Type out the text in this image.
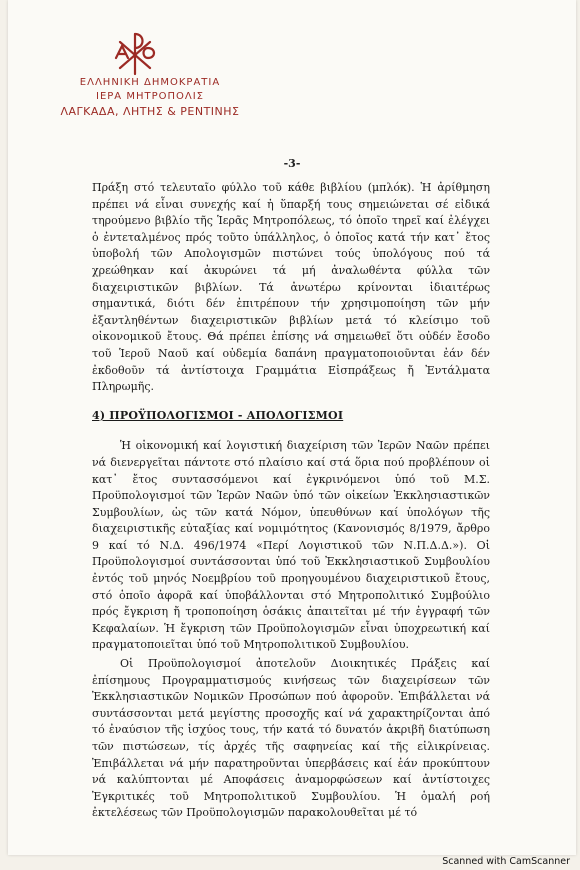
ΕΛΛΗΝΙΚΗ ΔΗΜΟΚΡΑΤΙΑ
ΙΕΡΑ ΜΗΤΡΟΠΟΛΙΣ
ΛΑΓΚΑΔΑ, ΛΗΤΗΣ & ΡΕΝΤΙΝΗΣ
-3-

Πράξη στό τελευταῖο φύλλο τοῦ κάθε βιβλίου (μπλόκ). Ἡ ἀρίθμηση πρέπει νά εἶναι συνεχής καί ἡ ὕπαρξή τους σημειώνεται σέ εἰδικά τηρούμενο βιβλίο τῆς Ἱερᾶς Μητροπόλεως, τό ὁποῖο τηρεῖ καί ἐλέγχει ὁ ἐντεταλμένος πρός τοῦτο ὑπάλληλος, ὁ ὁποῖος κατά τήν κατ᾽ ἔτος ὑποβολή τῶν Απολογισμῶν πιστώνει τούς ὑπολόγους πού τά χρεώθηκαν καί ἀκυρώνει τά μή ἀναλωθέντα φύλλα τῶν διαχειριστικῶν βιβλίων. Τά ἀνωτέρω κρίνονται ἰδιαιτέρως σημαντικά, διότι δέν ἐπιτρέπουν τήν χρησιμοποίηση τῶν μήν ἐξαντληθέντων διαχειριστικῶν βιβλίων μετά τό κλείσιμο τοῦ οἰκονομικοῦ ἔτους. Θά πρέπει ἐπίσης νά σημειωθεῖ ὅτι οὐδέν ἔσοδο τοῦ Ἱεροῦ Ναοῦ καί οὐδεμία δαπάνη πραγματοποιοῦνται ἐάν δέν ἐκδοθοῦν τά ἀντίστοιχα Γραμμάτια Εἰσπράξεως ἤ Ἐντάλματα Πληρωμῆς.

4) ΠΡΟΫΠΟΛΟΓΙΣΜΟΙ - ΑΠΟΛΟΓΙΣΜΟΙ

Ἡ οἰκονομική καί λογιστική διαχείριση τῶν Ἱερῶν Ναῶν πρέπει νά διενεργεῖται πάντοτε στό πλαίσιο καί στά ὅρια πού προβλέπουν οἱ κατ᾽ ἔτος συντασσόμενοι καί ἐγκρινόμενοι ὑπό τοῦ Μ.Σ. Προϋπολογισμοί τῶν Ἱερῶν Ναῶν ὑπό τῶν οἰκείων Ἐκκλησιαστικῶν Συμβουλίων, ὡς τῶν κατά Νόμον, ὑπευθύνων καί ὑπολόγων τῆς διαχειριστικῆς εὐταξίας καί νομιμότητος (Κανονισμός 8/1979, ἄρθρο 9 καί τό Ν.Δ. 496/1974 «Περί Λογιστικοῦ τῶν Ν.Π.Δ.Δ.»). Οἱ Προϋπολογισμοί συντάσσονται ὑπό τοῦ Ἐκκλησιαστικοῦ Συμβουλίου ἐντός τοῦ μηνός Νοεμβρίου τοῦ προηγουμένου διαχειριστικοῦ ἔτους, στό ὁποῖο ἀφορᾶ καί ὑποβάλλονται στό Μητροπολιτικό Συμβούλιο πρός ἔγκριση ἤ τροποποίηση ὁσάκις ἀπαιτεῖται μέ τήν ἐγγραφή τῶν Κεφαλαίων. Ἡ ἔγκριση τῶν Προϋπολογισμῶν εἶναι ὑποχρεωτική καί πραγματοποιεῖται ὑπό τοῦ Μητροπολιτικοῦ Συμβουλίου.

Οἱ Προϋπολογισμοί ἀποτελοῦν Διοικητικές Πράξεις καί ἐπίσημους Προγραμματισμούς κινήσεως τῶν διαχειρίσεων τῶν Ἐκκλησιαστικῶν Νομικῶν Προσώπων πού ἀφοροῦν. Ἐπιβάλλεται νά συντάσσονται μετά μεγίστης προσοχῆς καί νά χαρακτηρίζονται ἀπό τό ἐναύσιον τῆς ἰσχύος τους, τήν κατά τό δυνατόν ἀκριβῆ διατύπωση τῶν πιστώσεων, τίς ἀρχές τῆς σαφηνείας καί τῆς εἰλικρίνειας. Ἐπιβάλλεται νά μήν παρατηροῦνται ὑπερβάσεις καί ἐάν προκύπτουν νά καλύπτονται μέ Αποφάσεις ἀναμορφώσεων καί ἀντίστοιχες Ἐγκριτικές τοῦ Μητροπολιτικοῦ Συμβουλίου. Ἡ ὁμαλή ροή ἐκτελέσεως τῶν Προϋπολογισμῶν παρακολουθεῖται μέ τό

Scanned with CamScanner
